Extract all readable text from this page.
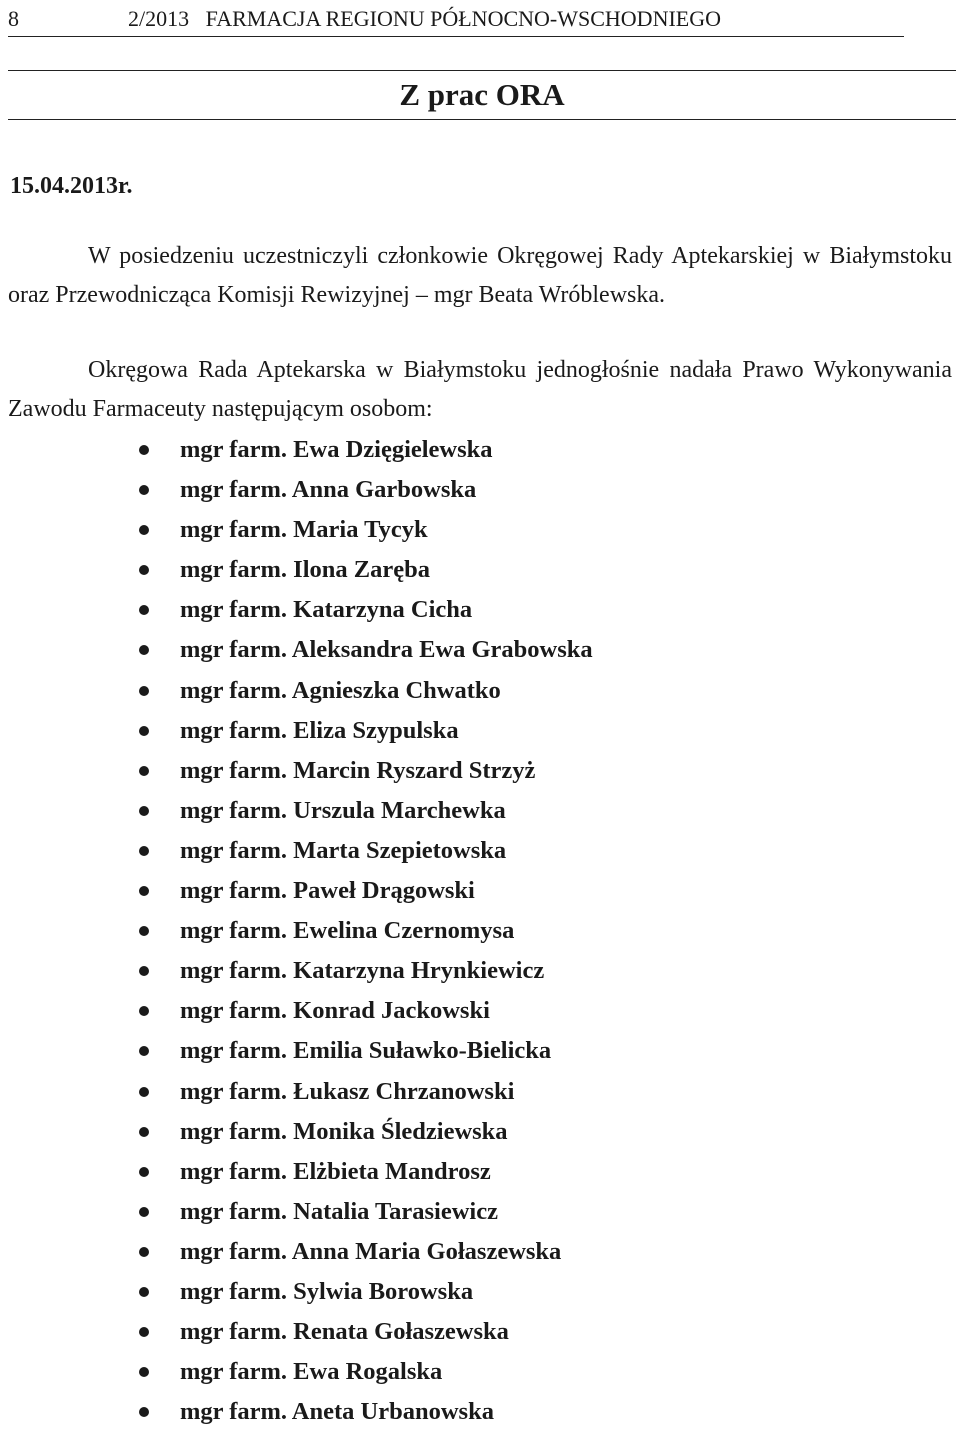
8	2/2013   FARMACJA REGIONU PÓŁNOCNO-WSCHODNIEGO
Z prac ORA
15.04.2013r.

W posiedzeniu uczestniczyli członkowie Okręgowej Rady Aptekarskiej w Białymstoku oraz Przewodnicząca Komisji Rewizyjnej – mgr Beata Wróblewska.

Okręgowa Rada Aptekarska w Białymstoku jednogłośnie nadała Prawo Wykonywania Zawodu Farmaceuty następującym osobom:

mgr farm. Ewa Dzięgielewska
mgr farm. Anna Garbowska
mgr farm. Maria Tycyk
mgr farm. Ilona Zaręba
mgr farm. Katarzyna Cicha
mgr farm. Aleksandra Ewa Grabowska
mgr farm. Agnieszka Chwatko
mgr farm. Eliza Szypulska
mgr farm. Marcin Ryszard Strzyż
mgr farm. Urszula Marchewka
mgr farm. Marta Szepietowska
mgr farm. Paweł Drągowski
mgr farm. Ewelina Czernomysa
mgr farm. Katarzyna Hrynkiewicz
mgr farm. Konrad Jackowski
mgr farm. Emilia Suławko-Bielicka
mgr farm. Łukasz Chrzanowski
mgr farm. Monika Śledziewska
mgr farm. Elżbieta Mandrosz
mgr farm. Natalia Tarasiewicz
mgr farm. Anna Maria Gołaszewska
mgr farm. Sylwia Borowska
mgr farm. Renata Gołaszewska
mgr farm. Ewa Rogalska
mgr farm. Aneta Urbanowska
